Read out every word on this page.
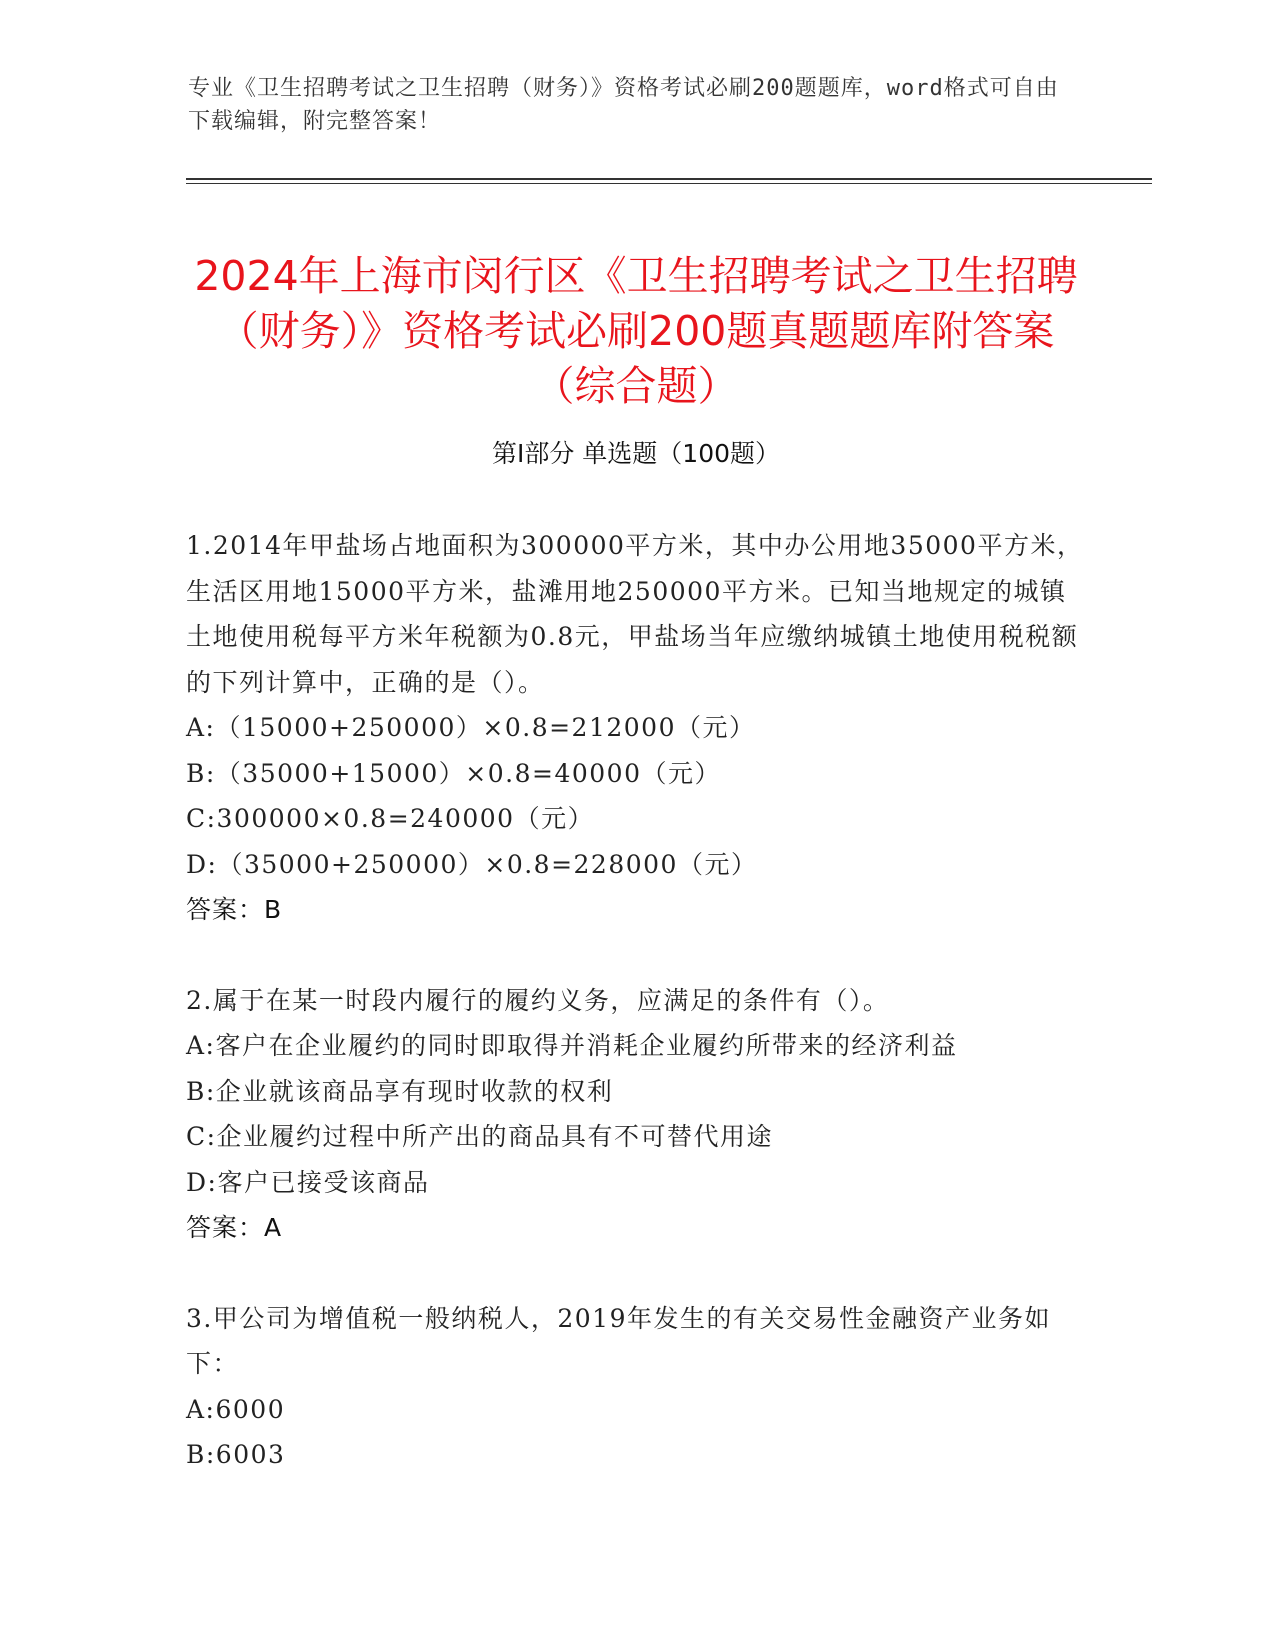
专业《卫生招聘考试之卫生招聘（财务）》资格考试必刷200题题库，word格式可自由下载编辑，附完整答案！
2024年上海市闵行区《卫生招聘考试之卫生招聘（财务）》资格考试必刷200题真题题库附答案（综合题）
第I部分 单选题（100题）

1.2014年甲盐场占地面积为300000平方米，其中办公用地35000平方米，生活区用地15000平方米，盐滩用地250000平方米。已知当地规定的城镇土地使用税每平方米年税额为0.8元，甲盐场当年应缴纳城镇土地使用税税额的下列计算中，正确的是（）。

A:（15000+250000）×0.8=212000（元）

B:（35000+15000）×0.8=40000（元）

C:300000×0.8=240000（元）

D:（35000+250000）×0.8=228000（元）

答案：B

2.属于在某一时段内履行的履约义务，应满足的条件有（）。

A:客户在企业履约的同时即取得并消耗企业履约所带来的经济利益

B:企业就该商品享有现时收款的权利

C:企业履约过程中所产出的商品具有不可替代用途

D:客户已接受该商品

答案：A

3.甲公司为增值税一般纳税人，2019年发生的有关交易性金融资产业务如下：

A:6000

B:6003
